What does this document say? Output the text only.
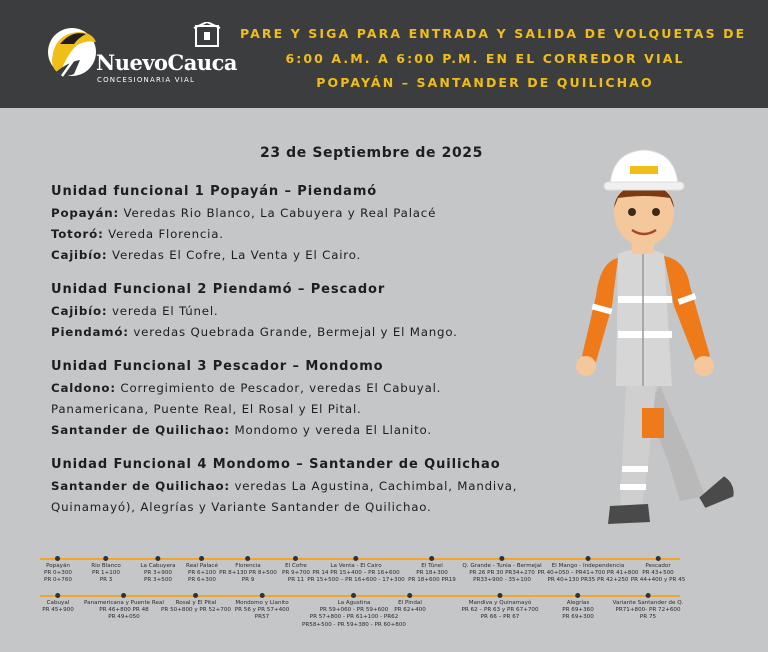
NuevoCauca
CONCESIONARIA VIAL
PARE Y SIGA PARA ENTRADA Y SALIDA DE VOLQUETAS DE
6:00 A.M. A 6:00 P.M. EN EL CORREDOR VIAL
POPAYÁN – SANTANDER DE QUILICHAO
23 de Septiembre de 2025
Unidad funcional 1 Popayán – Piendamó
Popayán: Veredas Rio Blanco, La Cabuyera y Real Palacé
Totoró: Vereda Florencia.
Cajibío: Veredas El Cofre, La Venta y El Cairo.
Unidad Funcional 2 Piendamó – Pescador
Cajibío: vereda El Túnel.
Piendamó: veredas Quebrada Grande, Bermejal y El Mango.
Unidad Funcional 3 Pescador – Mondomo
Caldono: Corregimiento de Pescador, veredas El Cabuyal.
Panamericana, Puente Real, El Rosal y El Pital.
Santander de Quilichao: Mondomo y vereda El Llanito.
Unidad Funcional 4 Mondomo – Santander de Quilichao
Santander de Quilichao: veredas La Agustina, Cachimbal, Mandiva,
Quinamayó), Alegrías y Variante Santander de Quilichao.
Popayán
PR 0+300
PR 0+760
Rio Blanco
PR 1+100
PR 3
La Cabuyera
PR 3+900
PR 3+500
Real Palacé
PR 6+100
PR 6+300
Florencia
PR 8+130 PR 8+500
PR 9
El Cofre
PR 9+700
PR 11
La Venta - El Cairo
PR 14 PR 15+400 – PR 16+600
PR 15+500 – PR 16+600 - 17+300
El Túnel
PR 18+300
PR 18+600 PR19
Q. Grande - Tunia - Bermejal
PR 26 PR 30 PR34+270
PR33+900 - 35+100
El Mango - Independencia
PR 40+050 – PR41+700 PR 41+800
PR 40+130 PR35 PR 42+250
Pescador
PR 43+500
PR 44+400 y PR 45
Cabuyal
PR 45+900
Panamericana y Puente Real
PR 46+800 PR 48
PR 49+050
Rosal y El Pital
PR 50+800 y PR 52+700
Mondomo y Llanito
PR 56 y PR 57+400
PR57
La Agustina
PR 59+060 - PR 59+600
PR 57+800 - PR 61+100 - PR62
PR58+500 - PR 59+380 - PR 60+800
El Pindal
PR 62+400
Mandiva y Quinamayó
PR 62 – PR 63 y PR 67+700
PR 66 – PR 67
Alegrías
PR 69+360
PR 69+300
Variante Santander de Q.
PR71+800- PR 72+600
PR 75
